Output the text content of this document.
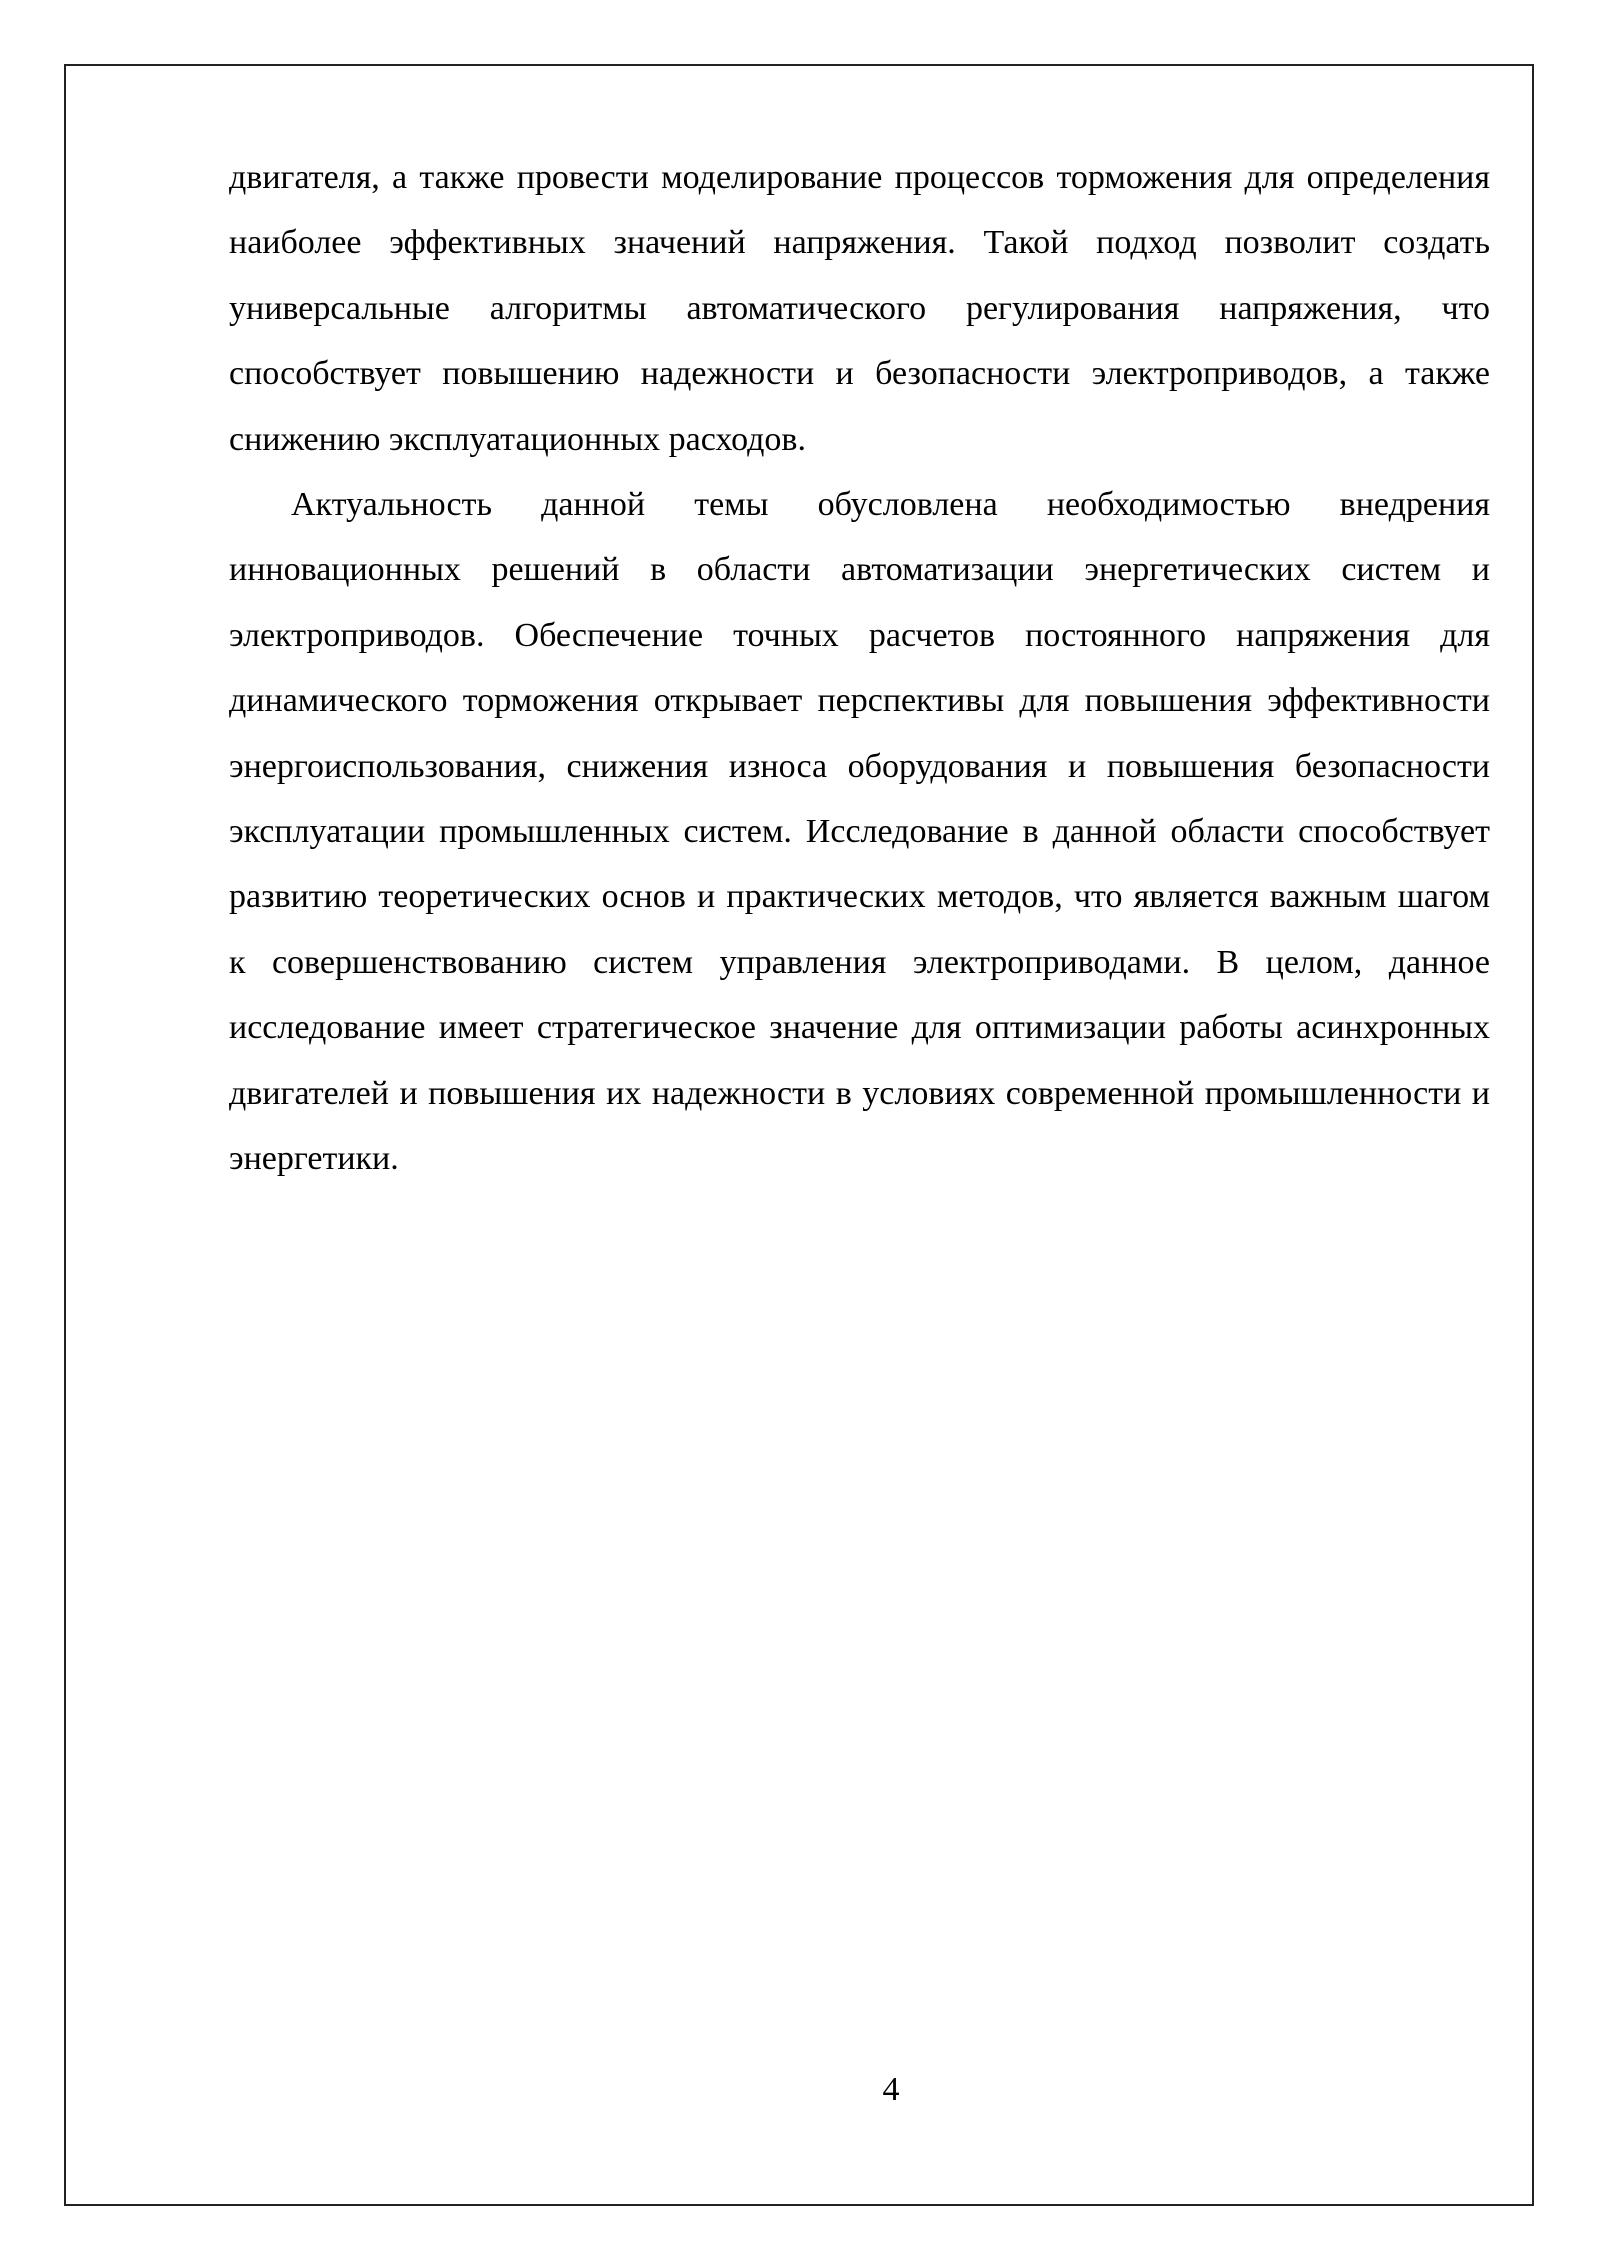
двигателя, а также провести моделирование процессов торможения для определения наиболее эффективных значений напряжения. Такой подход позволит создать универсальные алгоритмы автоматического регулирования напряжения, что способствует повышению надежности и безопасности электроприводов, а также снижению эксплуатационных расходов.

Актуальность данной темы обусловлена необходимостью внедрения инновационных решений в области автоматизации энергетических систем и электроприводов. Обеспечение точных расчетов постоянного напряжения для динамического торможения открывает перспективы для повышения эффективности энергоиспользования, снижения износа оборудования и повышения безопасности эксплуатации промышленных систем. Исследование в данной области способствует развитию теоретических основ и практических методов, что является важным шагом к совершенствованию систем управления электроприводами. В целом, данное исследование имеет стратегическое значение для оптимизации работы асинхронных двигателей и повышения их надежности в условиях современной промышленности и энергетики.

4
